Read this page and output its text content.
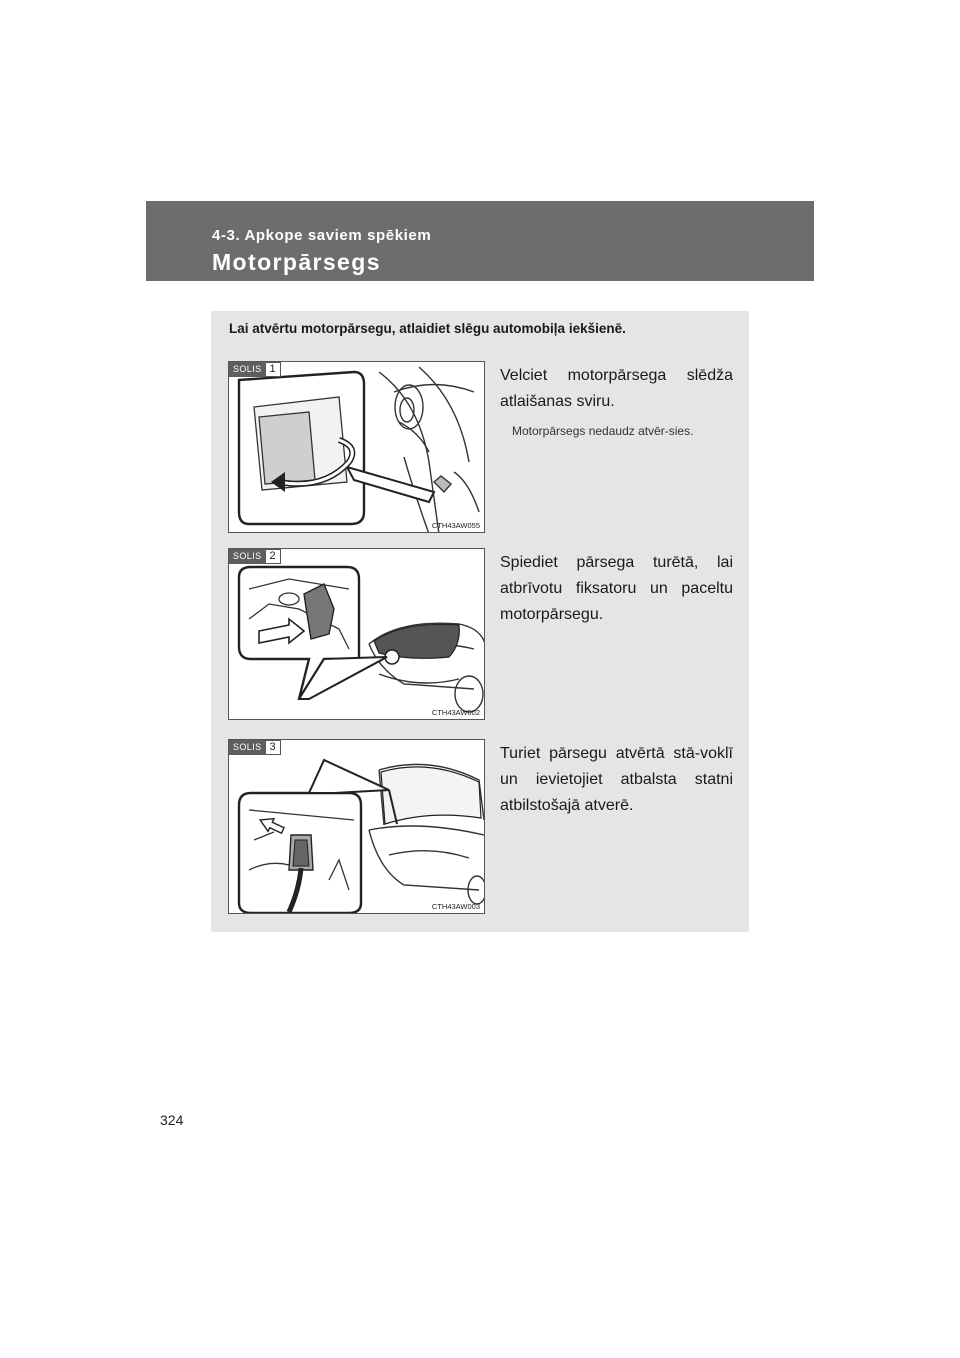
4-3. Apkope saviem spēkiem
Motorpārsegs
Lai atvērtu motorpārsegu, atlaidiet slēgu automobiļa iekšienē.
SOLIS 1
CTH43AW055
Velciet motorpārsega slēdža atlaišanas sviru.
Motorpārsegs nedaudz atvēr-sies.
SOLIS 2
CTH43AW002
Spiediet pārsega turētā, lai atbrīvotu fiksatoru un paceltu motorpārsegu.
SOLIS 3
CTH43AW003
Turiet pārsegu atvērtā stā-voklī un ievietojiet atbalsta statni atbilstošajā atverē.
324
